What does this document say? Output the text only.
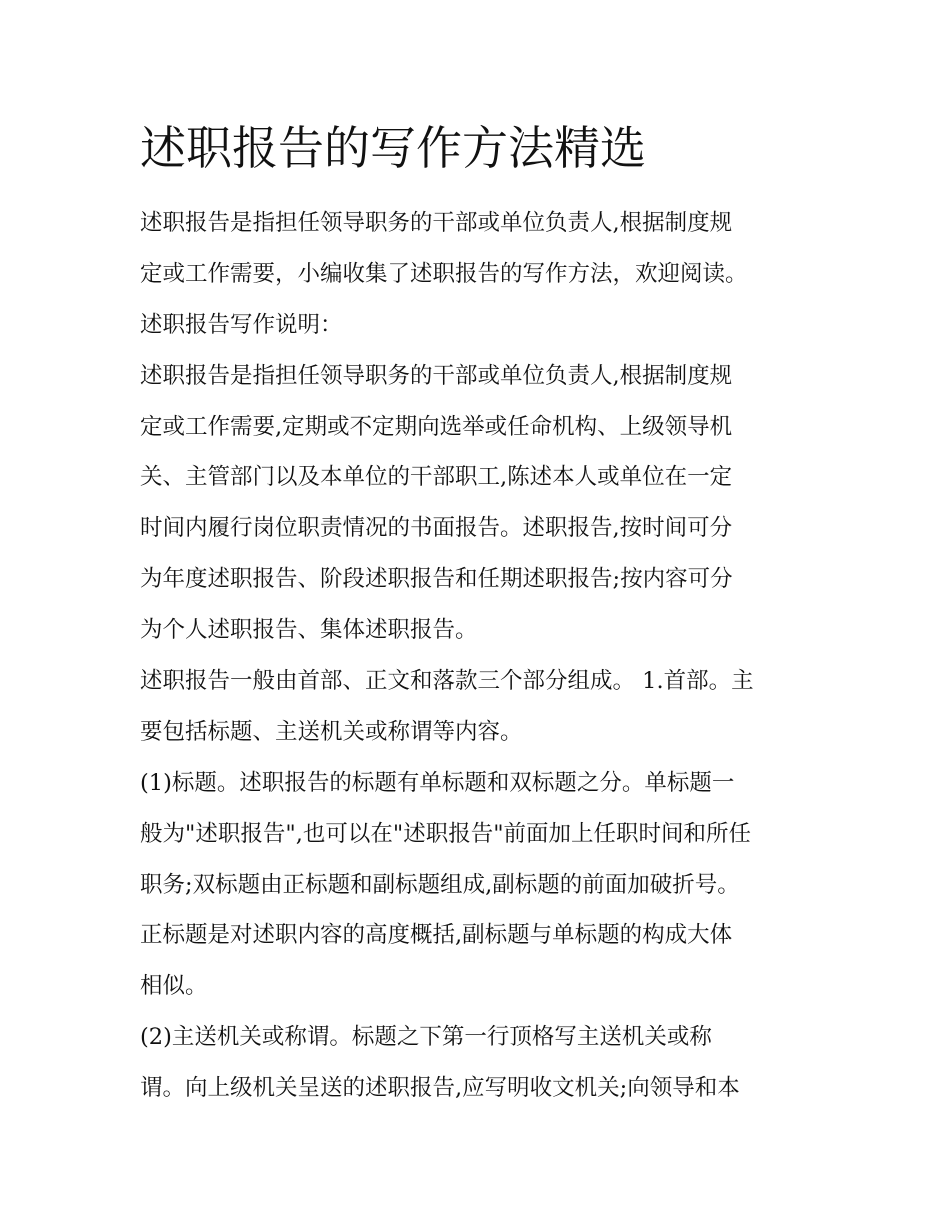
述职报告的写作方法精选
述职报告是指担任领导职务的干部或单位负责人,根据制度规
定或工作需要，小编收集了述职报告的写作方法，欢迎阅读。
述职报告写作说明：
述职报告是指担任领导职务的干部或单位负责人,根据制度规
定或工作需要,定期或不定期向选举或任命机构、上级领导机
关、主管部门以及本单位的干部职工,陈述本人或单位在一定
时间内履行岗位职责情况的书面报告。述职报告,按时间可分
为年度述职报告、阶段述职报告和任期述职报告;按内容可分
为个人述职报告、集体述职报告。
述职报告一般由首部、正文和落款三个部分组成。 1.首部。主
要包括标题、主送机关或称谓等内容。
(1)标题。述职报告的标题有单标题和双标题之分。单标题一
般为"述职报告",也可以在"述职报告"前面加上任职时间和所任
职务;双标题由正标题和副标题组成,副标题的前面加破折号。
正标题是对述职内容的高度概括,副标题与单标题的构成大体
相似。
(2)主送机关或称谓。标题之下第一行顶格写主送机关或称
谓。向上级机关呈送的述职报告,应写明收文机关;向领导和本
